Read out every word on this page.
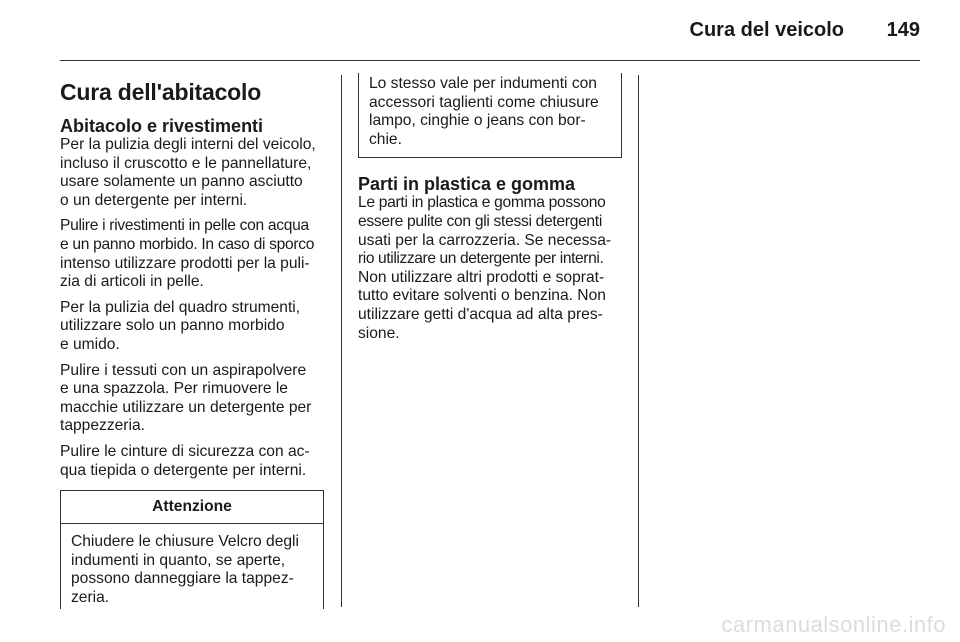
Cura del veicolo 149
Cura dell'abitacolo
Abitacolo e rivestimenti

Per la pulizia degli interni del veicolo,
incluso il cruscotto e le pannellature,
usare solamente un panno asciutto
o un detergente per interni.

Pulire i rivestimenti in pelle con acqua
e un panno morbido. In caso di sporco
intenso utilizzare prodotti per la puli-
zia di articoli in pelle.

Per la pulizia del quadro strumenti,
utilizzare solo un panno morbido
e umido.

Pulire i tessuti con un aspirapolvere
e una spazzola. Per rimuovere le
macchie utilizzare un detergente per
tappezzeria.

Pulire le cinture di sicurezza con ac-
qua tiepida o detergente per interni.

Attenzione
Chiudere le chiusure Velcro degli
indumenti in quanto, se aperte,
possono danneggiare la tappez-
zeria.
Lo stesso vale per indumenti con
accessori taglienti come chiusure
lampo, cinghie o jeans con bor-
chie.
Parti in plastica e gomma
Le parti in plastica e gomma possono
essere pulite con gli stessi detergenti
usati per la carrozzeria. Se necessa-
rio utilizzare un detergente per interni.
Non utilizzare altri prodotti e soprat-
tutto evitare solventi o benzina. Non
utilizzare getti d'acqua ad alta pres-
sione.
carmanualsonline.info
